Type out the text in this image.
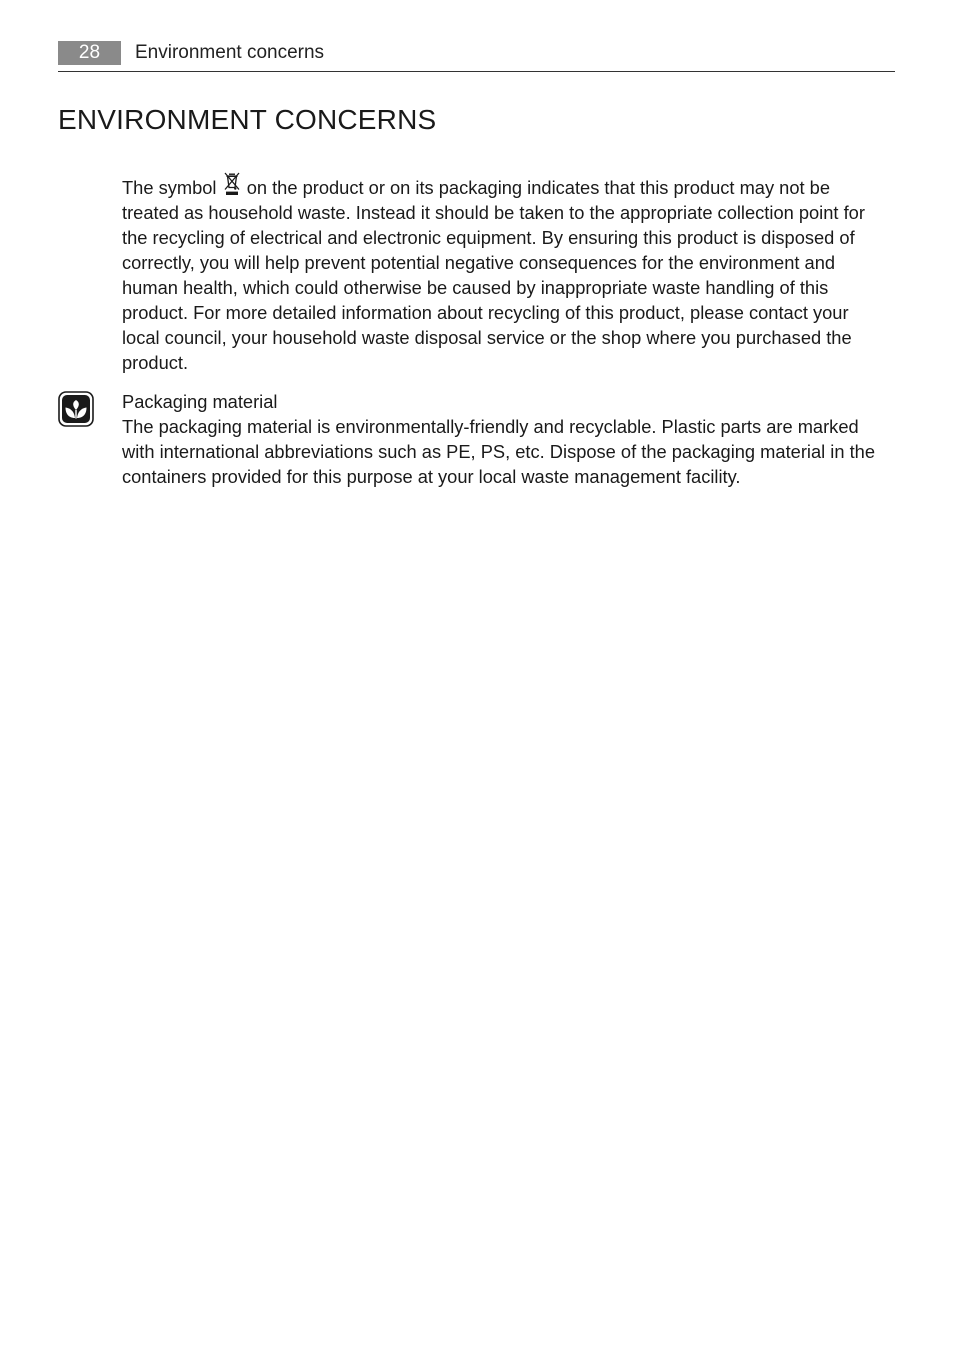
28	Environment concerns
ENVIRONMENT CONCERNS

The symbol on the product or on its packaging indicates that this product may not be treated as household waste. Instead it should be taken to the appropriate collection point for the recycling of electrical and electronic equipment. By ensuring this product is disposed of correctly, you will help prevent potential negative consequences for the environment and human health, which could otherwise be caused by inappropriate waste handling of this product. For more detailed information about recycling of this product, please contact your local council, your household waste disposal service or the shop where you purchased the product.

Packaging material

The packaging material is environmentally-friendly and recyclable. Plastic parts are marked with international abbreviations such as PE, PS, etc. Dispose of the packaging material in the containers provided for this purpose at your local waste management facility.
